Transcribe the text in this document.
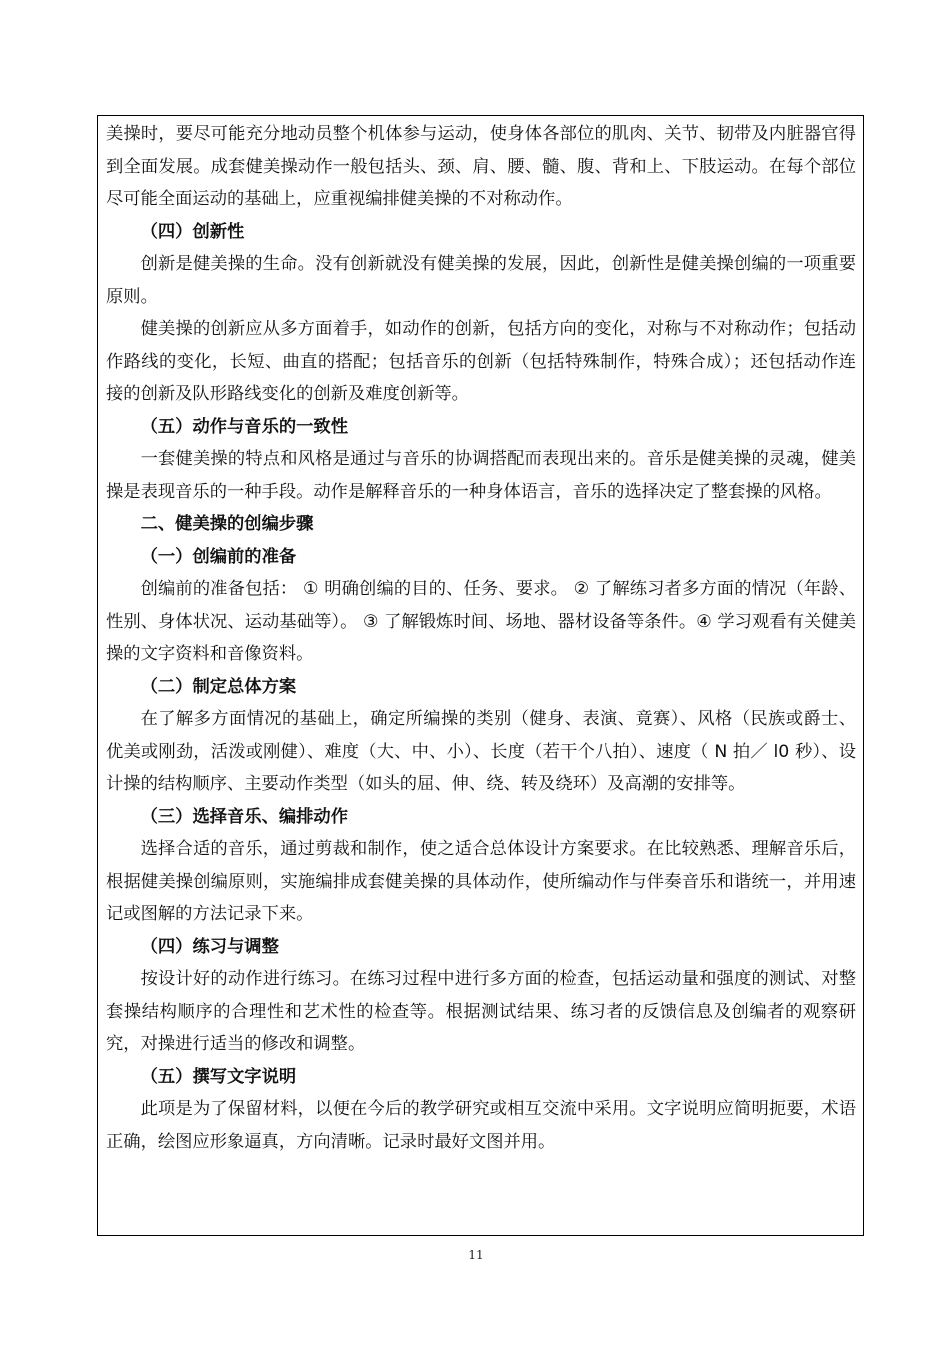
美操时，要尽可能充分地动员整个机体参与运动，使身体各部位的肌肉、关节、韧带及内脏器官得到全面发展。成套健美操动作一般包括头、颈、肩、腰、髓、腹、背和上、下肢运动。在每个部位尽可能全面运动的基础上，应重视编排健美操的不对称动作。

（四）创新性

创新是健美操的生命。没有创新就没有健美操的发展，因此，创新性是健美操创编的一项重要原则。

健美操的创新应从多方面着手，如动作的创新，包括方向的变化，对称与不对称动作；包括动作路线的变化，长短、曲直的搭配；包括音乐的创新（包括特殊制作，特殊合成）；还包括动作连接的创新及队形路线变化的创新及难度创新等。

（五）动作与音乐的一致性

一套健美操的特点和风格是通过与音乐的协调搭配而表现出来的。音乐是健美操的灵魂，健美操是表现音乐的一种手段。动作是解释音乐的一种身体语言，音乐的选择决定了整套操的风格。

二、健美操的创编步骤

（一）创编前的准备

创编前的准备包括： ① 明确创编的目的、任务、要求。 ② 了解练习者多方面的情况（年龄、性别、身体状况、运动基础等）。 ③ 了解锻炼时间、场地、器材设备等条件。④ 学习观看有关健美操的文字资料和音像资料。

（二）制定总体方案

在了解多方面情况的基础上，确定所编操的类别（健身、表演、竟赛）、风格（民族或爵士、优美或刚劲，活泼或刚健）、难度（大、中、小）、长度（若干个八拍）、速度（ N 拍／ l0 秒）、设计操的结构顺序、主要动作类型（如头的屈、伸、绕、转及绕环）及高潮的安排等。

（三）选择音乐、编排动作

选择合适的音乐，通过剪裁和制作，使之适合总体设计方案要求。在比较熟悉、理解音乐后，根据健美操创编原则，实施编排成套健美操的具体动作，使所编动作与伴奏音乐和谐统一，并用速记或图解的方法记录下来。

（四）练习与调整

按设计好的动作进行练习。在练习过程中进行多方面的检查，包括运动量和强度的测试、对整套操结构顺序的合理性和艺术性的检查等。根据测试结果、练习者的反馈信息及创编者的观察研究，对操进行适当的修改和调整。

（五）撰写文字说明

此项是为了保留材料，以便在今后的教学研究或相互交流中采用。文字说明应简明扼要，术语正确，绘图应形象逼真，方向清晰。记录时最好文图并用。

11
